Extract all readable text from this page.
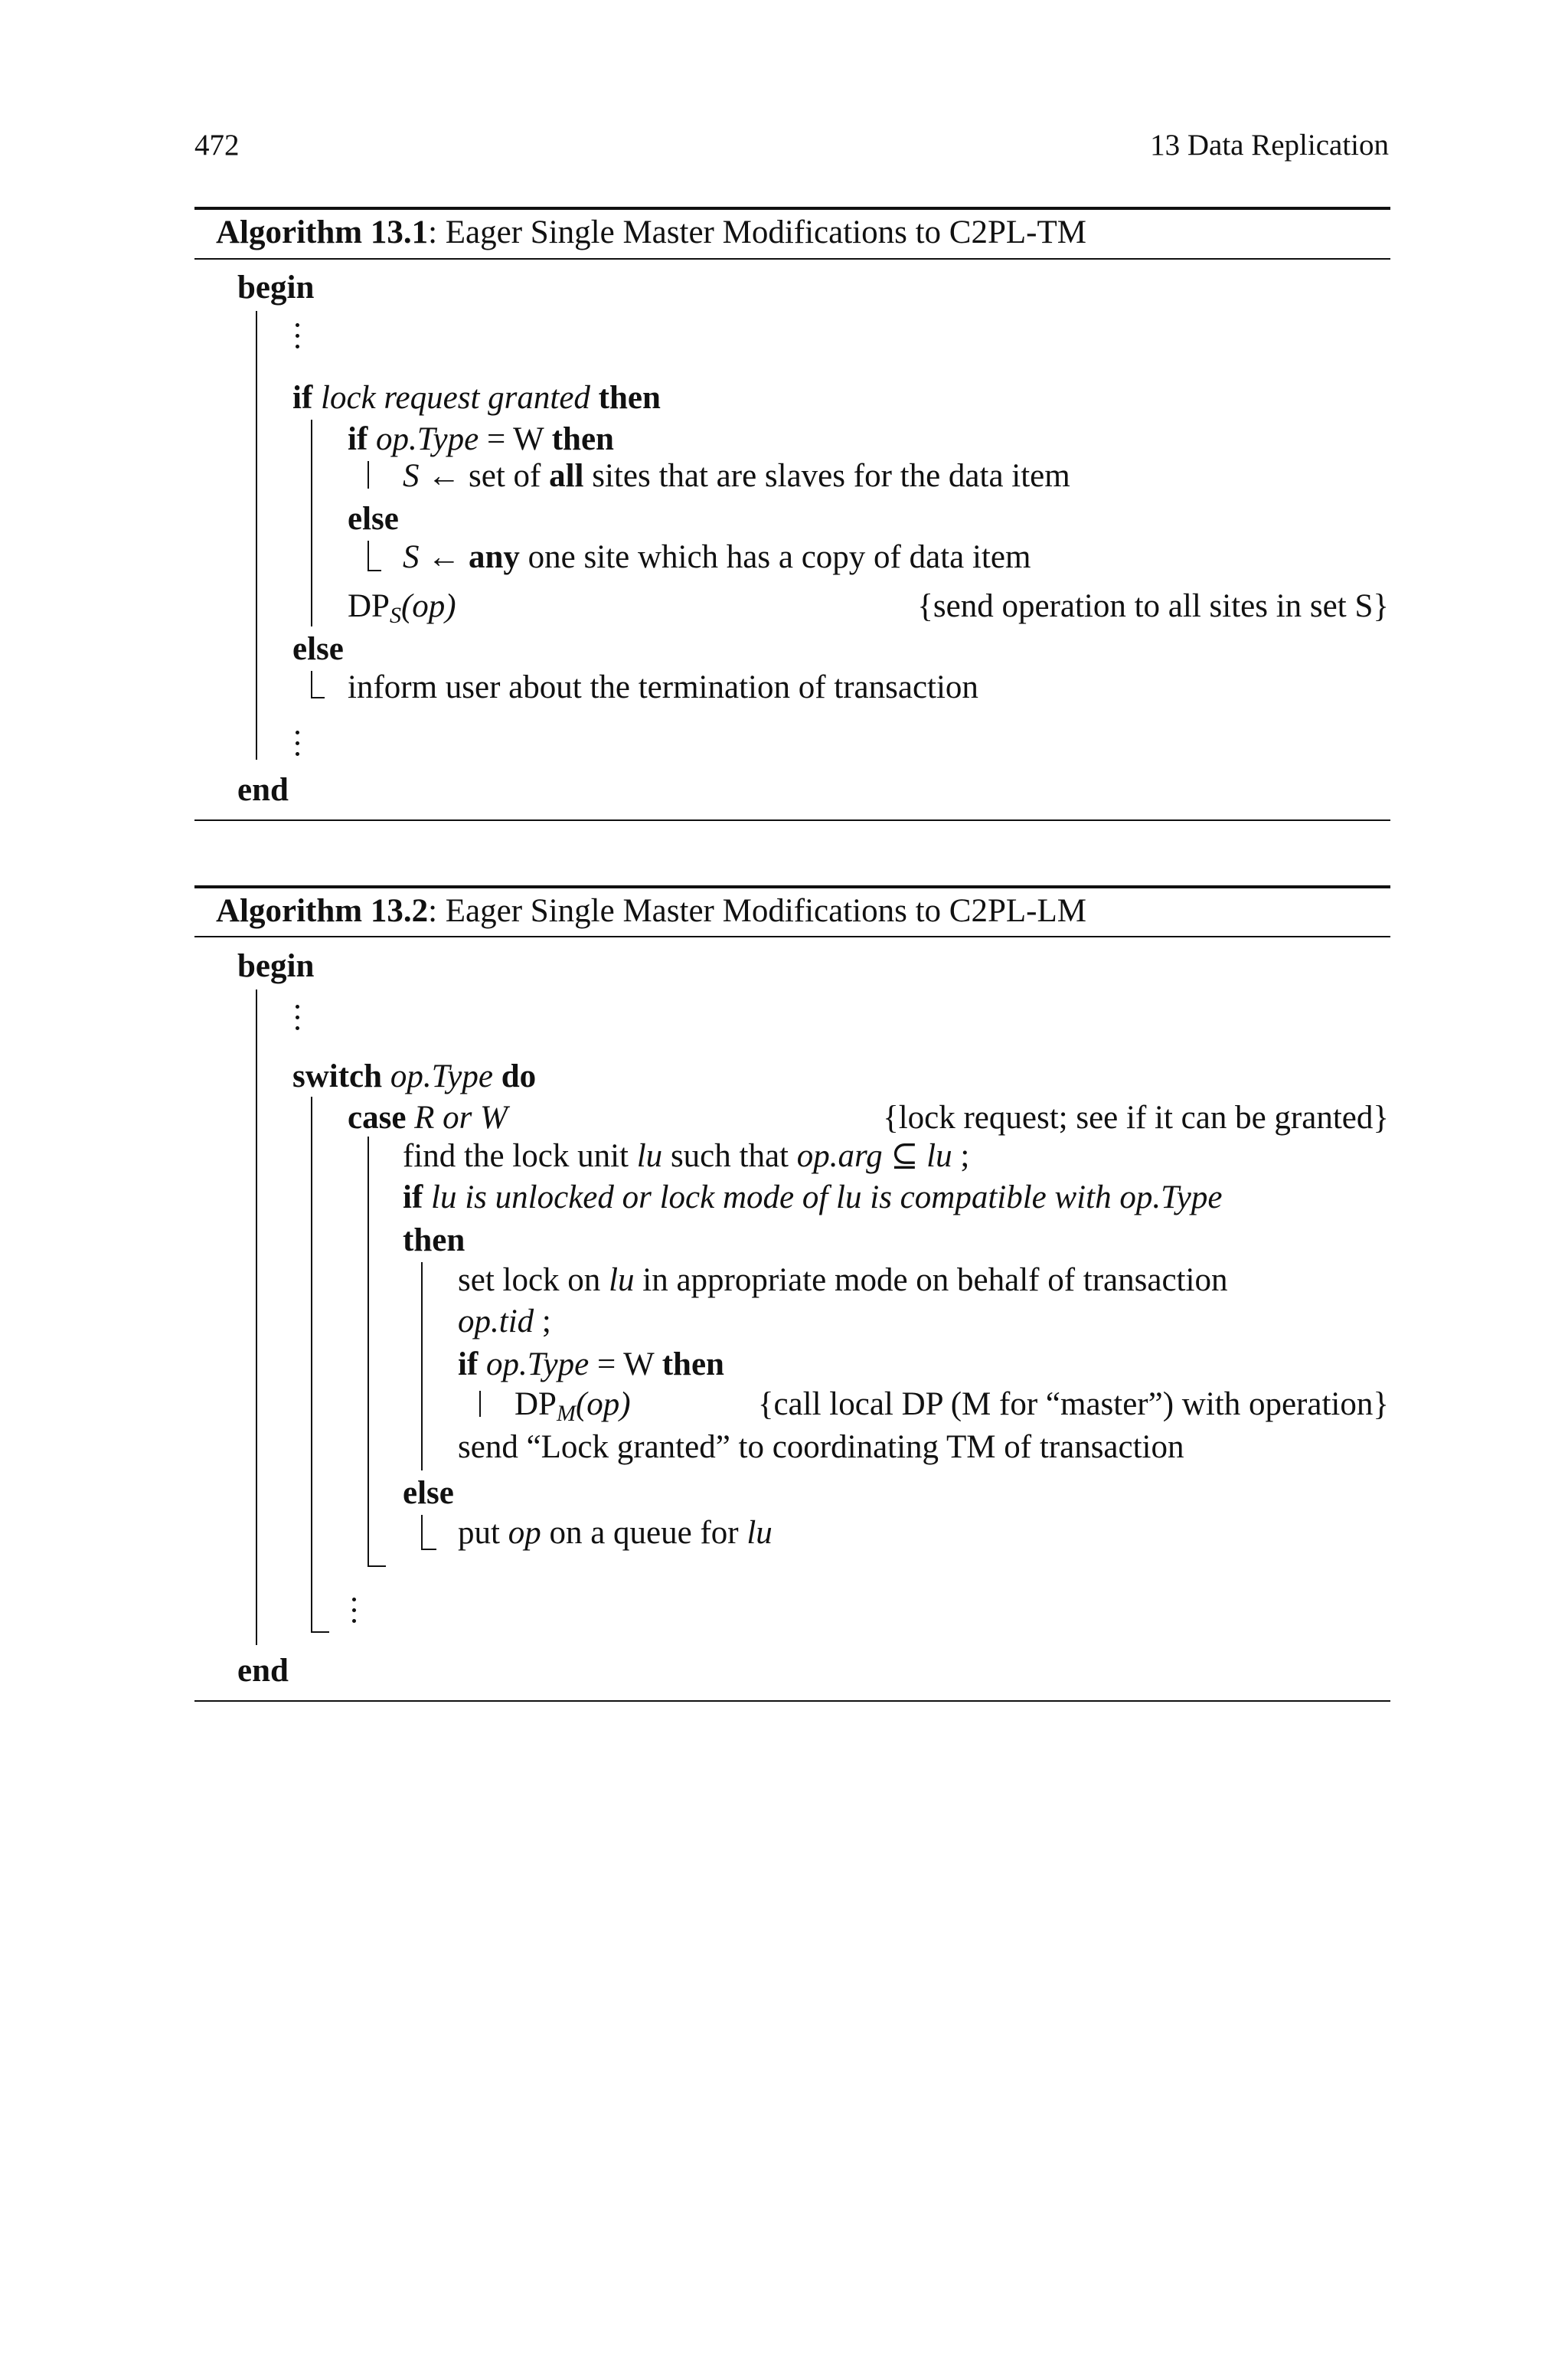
472	13 Data Replication
Algorithm 13.1: Eager Single Master Modifications to C2PL-TM
begin
if lock request granted then
if op.Type = W then
S ← set of all sites that are slaves for the data item
else
S ← any one site which has a copy of data item
$DP_S(op)$	{send operation to all sites in set S}
else
inform user about the termination of transaction
end
Algorithm 13.2: Eager Single Master Modifications to C2PL-LM
begin
switch op.Type do
case R or W	{lock request; see if it can be granted}
find the lock unit lu such that op.arg ⊆ lu ;
if lu is unlocked or lock mode of lu is compatible with op.Type
then
set lock on lu in appropriate mode on behalf of transaction
op.tid ;
if op.Type = W then
$DP_M(op)$	{call local DP (M for “master”) with operation}
send “Lock granted” to coordinating TM of transaction
else
put op on a queue for lu
end
